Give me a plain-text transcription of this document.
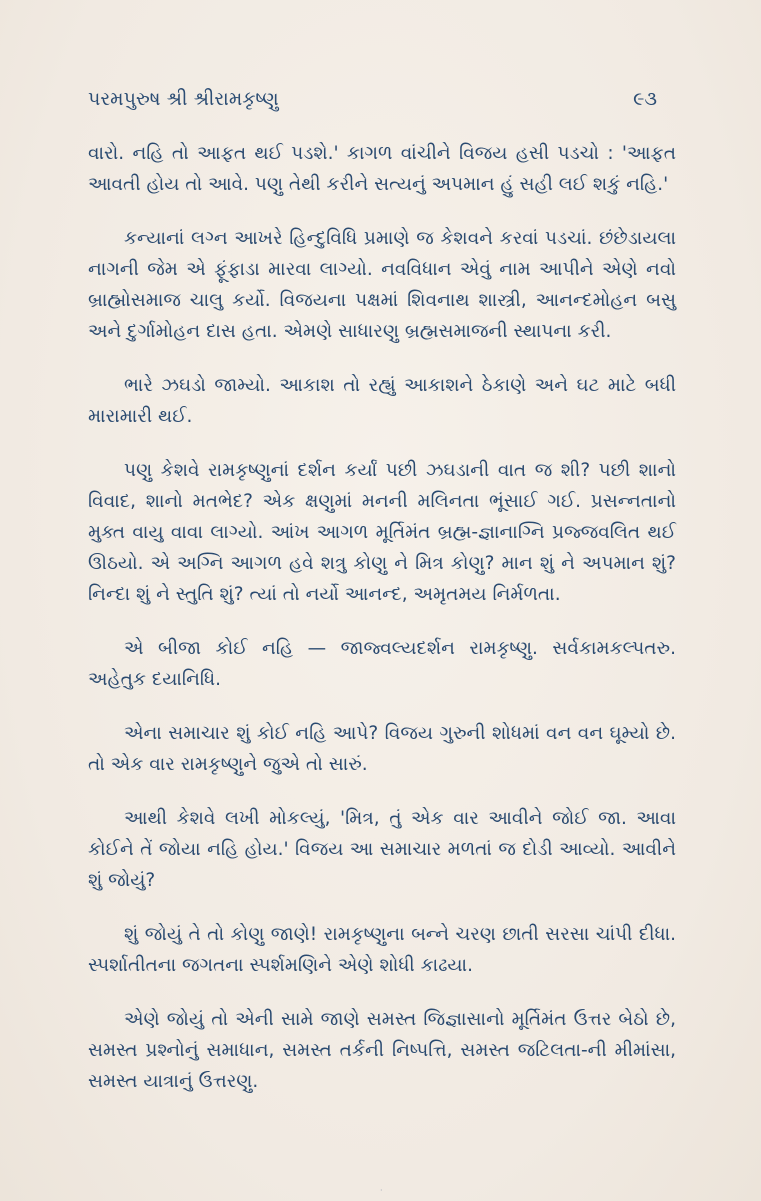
પરમપુરુષ શ્રી શ્રીરામકૃષ્ણુ	૯૩

વારો. નહિ તો આફત થઈ પડશે.' કાગળ વાંચીને વિજય હસી પડચો : 'આફત આવતી હોય તો આવે. પણુ તેથી કરીને સત્યનું અપમાન હું સહી લઈ શકું નહિ.'

કન્યાનાં લગ્ન આખરે હિન્દુવિધિ પ્રમાણે જ કેશવને કરવાં પડચાં. છંછેડાયલા નાગની જેમ એ ફૂંફાડા મારવા લાગ્યો. નવવિધાન એવું નામ આપીને એણે નવો બ્રાહ્મોસમાજ ચાલુ કર્યો. વિજયના પક્ષમાં શિવનાથ શાસ્ત્રી, આનન્દમોહન બસુ અને દુર્ગામોહન દાસ હતા. એમણે સાધારણુ બ્રહ્મસમાજની સ્થાપના કરી.

ભારે ઝઘડો જામ્યો. આકાશ તો રહ્યું આકાશને ઠેકાણે અને ઘટ માટે બધી મારામારી થઈ.

પણુ કેશવે રામકૃષ્ણુનાં દર્શન કર્યાં પછી ઝઘડાની વાત જ શી? પછી શાનો વિવાદ, શાનો મતભેદ? એક ક્ષણુમાં મનની મલિનતા ભૂંસાઈ ગઈ. પ્રસન્નતાનો મુક્ત વાયુ વાવા લાગ્યો. આંખ આગળ મૂર્તિમંત બ્રહ્મ-જ્ઞાનાગ્નિ પ્રજ્જવલિત થઈ ઊઠયો. એ અગ્નિ આગળ હવે શત્રુ કોણુ ને મિત્ર કોણુ? માન શું ને અપમાન શું? નિન્દા શું ને સ્તુતિ શું? ત્યાં તો નર્યો આનન્દ, અમૃતમય નિર્મળતા.

એ બીજા કોઈ નહિ — જાજ્વલ્યદર્શન રામકૃષ્ણુ. સર્વકામકલ્પતરુ. અહેતુક દયાનિધિ.

એના સમાચાર શું કોઈ નહિ આપે? વિજય ગુરુની શોધમાં વન વન ઘૂમ્યો છે. તો એક વાર રામકૃષ્ણુને જુએ તો સારું.

આથી કેશવે લખી મોકલ્યું, 'મિત્ર, તું એક વાર આવીને જોઈ જા. આવા કોઈને તેં જોયા નહિ હોય.' વિજય આ સમાચાર મળતાં જ દોડી આવ્યો. આવીને શું જોયું?

શું જોયું તે તો કોણુ જાણે! રામકૃષ્ણુના બન્ને ચરણ છાતી સરસા ચાંપી દીધા. સ્પર્શાતીતના જગતના સ્પર્શમણિને એણે શોધી કાઢયા.

એણે જોયું તો એની સામે જાણે સમસ્ત જિજ્ઞાસાનો મૂર્તિમંત ઉત્તર બેઠો છે, સમસ્ત પ્રશ્નોનું સમાધાન, સમસ્ત તર્કની નિષ્પત્તિ, સમસ્ત જટિલતા-ની મીમાંસા, સમસ્ત યાત્રાનું ઉત્તરણુ.

·
